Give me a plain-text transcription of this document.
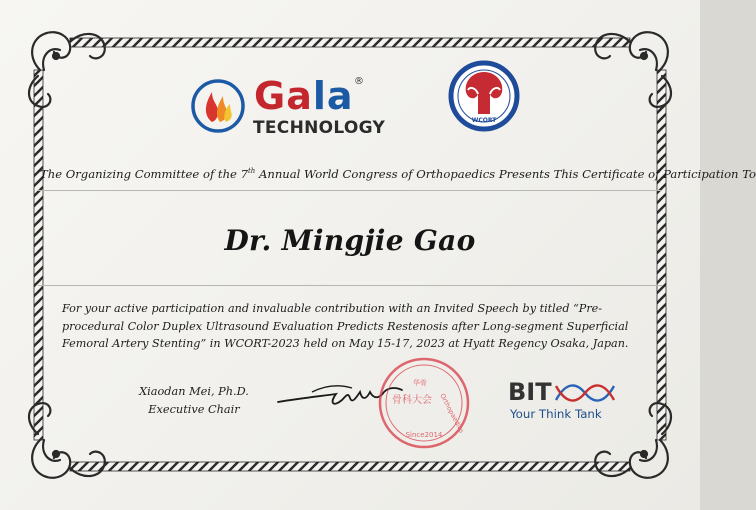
Gala ®
TECHNOLOGY	WCORT
The Organizing Committee of the 7th Annual World Congress of Orthopaedics Presents This Certificate of Participation To
Dr. Mingjie Gao
For your active participation and invaluable contribution with an Invited Speech by titled “Pre-procedural Color Duplex Ultrasound Evaluation Predicts Restenosis after Long-segment Superficial Femoral Artery Stenting” in WCORT-2023 held on May 15-17, 2023 at Hyatt Regency Osaka, Japan.
Xiaodan Mei, Ph.D.
Executive Chair
华骨
骨科大会 Orthopaedics
Since2014
BIT
Your Think Tank
